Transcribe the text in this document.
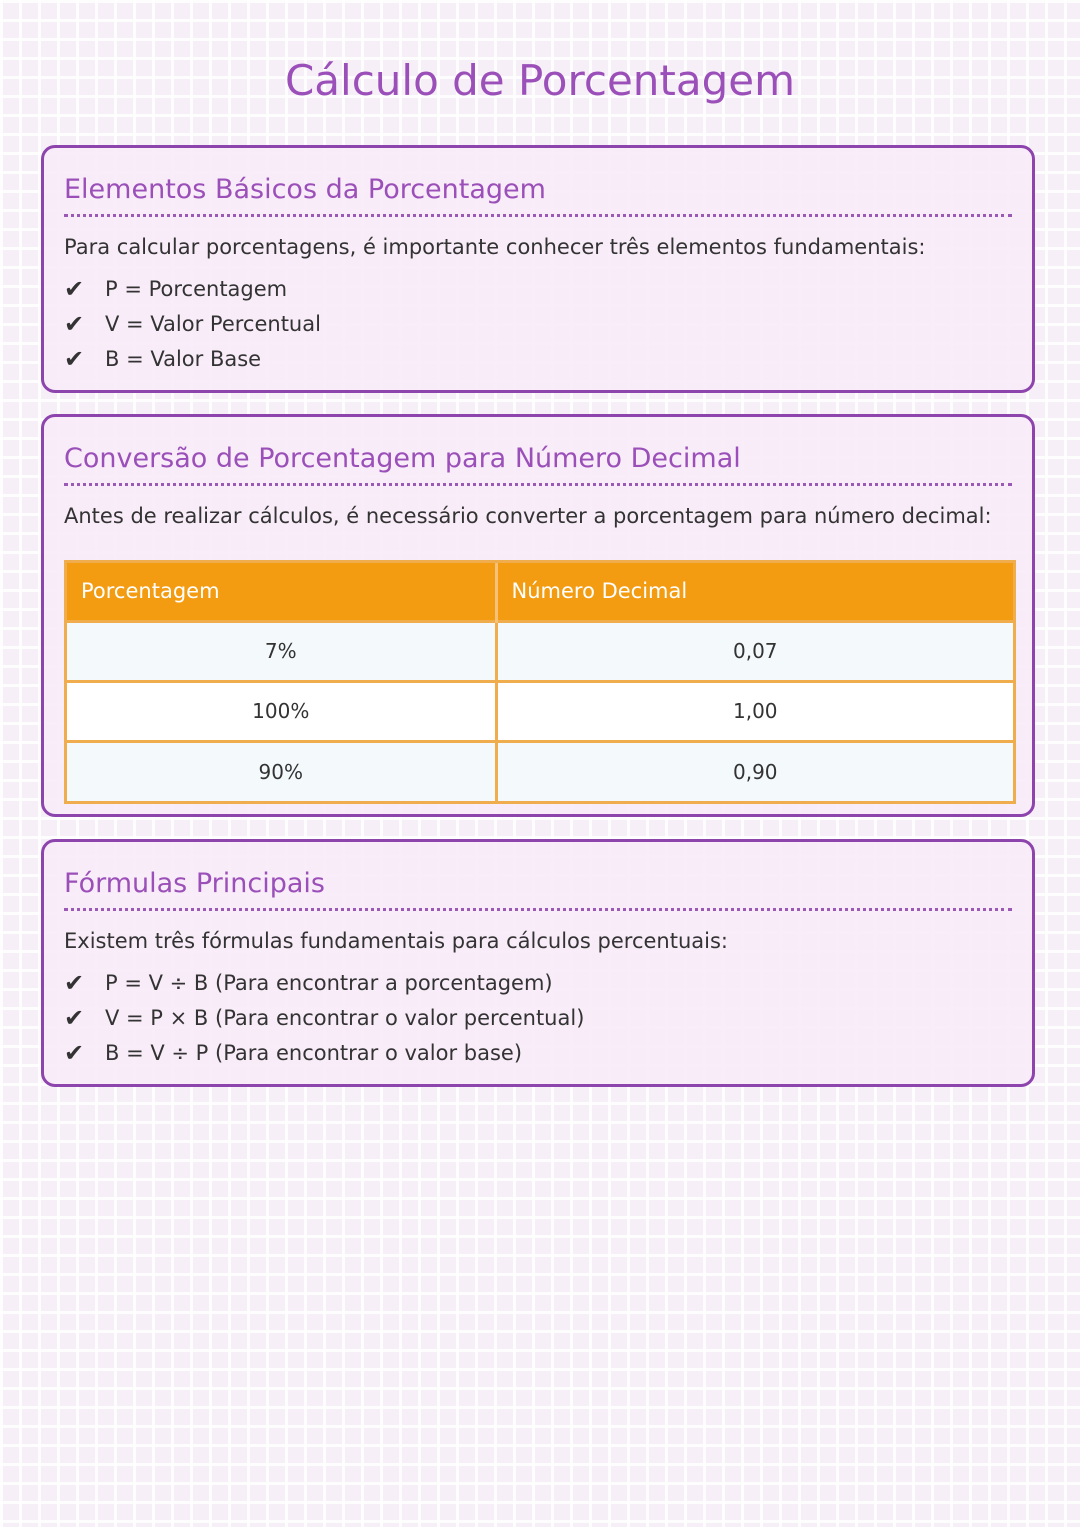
Cálculo de Porcentagem
Elementos Básicos da Porcentagem

Para calcular porcentagens, é importante conhecer três elementos fundamentais:

✔ P = Porcentagem
✔ V = Valor Percentual
✔ B = Valor Base
Conversão de Porcentagem para Número Decimal

Antes de realizar cálculos, é necessário converter a porcentagem para número decimal:

Porcentagem	Número Decimal
7%	0,07
100%	1,00
90%	0,90
Fórmulas Principais

Existem três fórmulas fundamentais para cálculos percentuais:

✔ P = V ÷ B (Para encontrar a porcentagem)
✔ V = P × B (Para encontrar o valor percentual)
✔ B = V ÷ P (Para encontrar o valor base)
